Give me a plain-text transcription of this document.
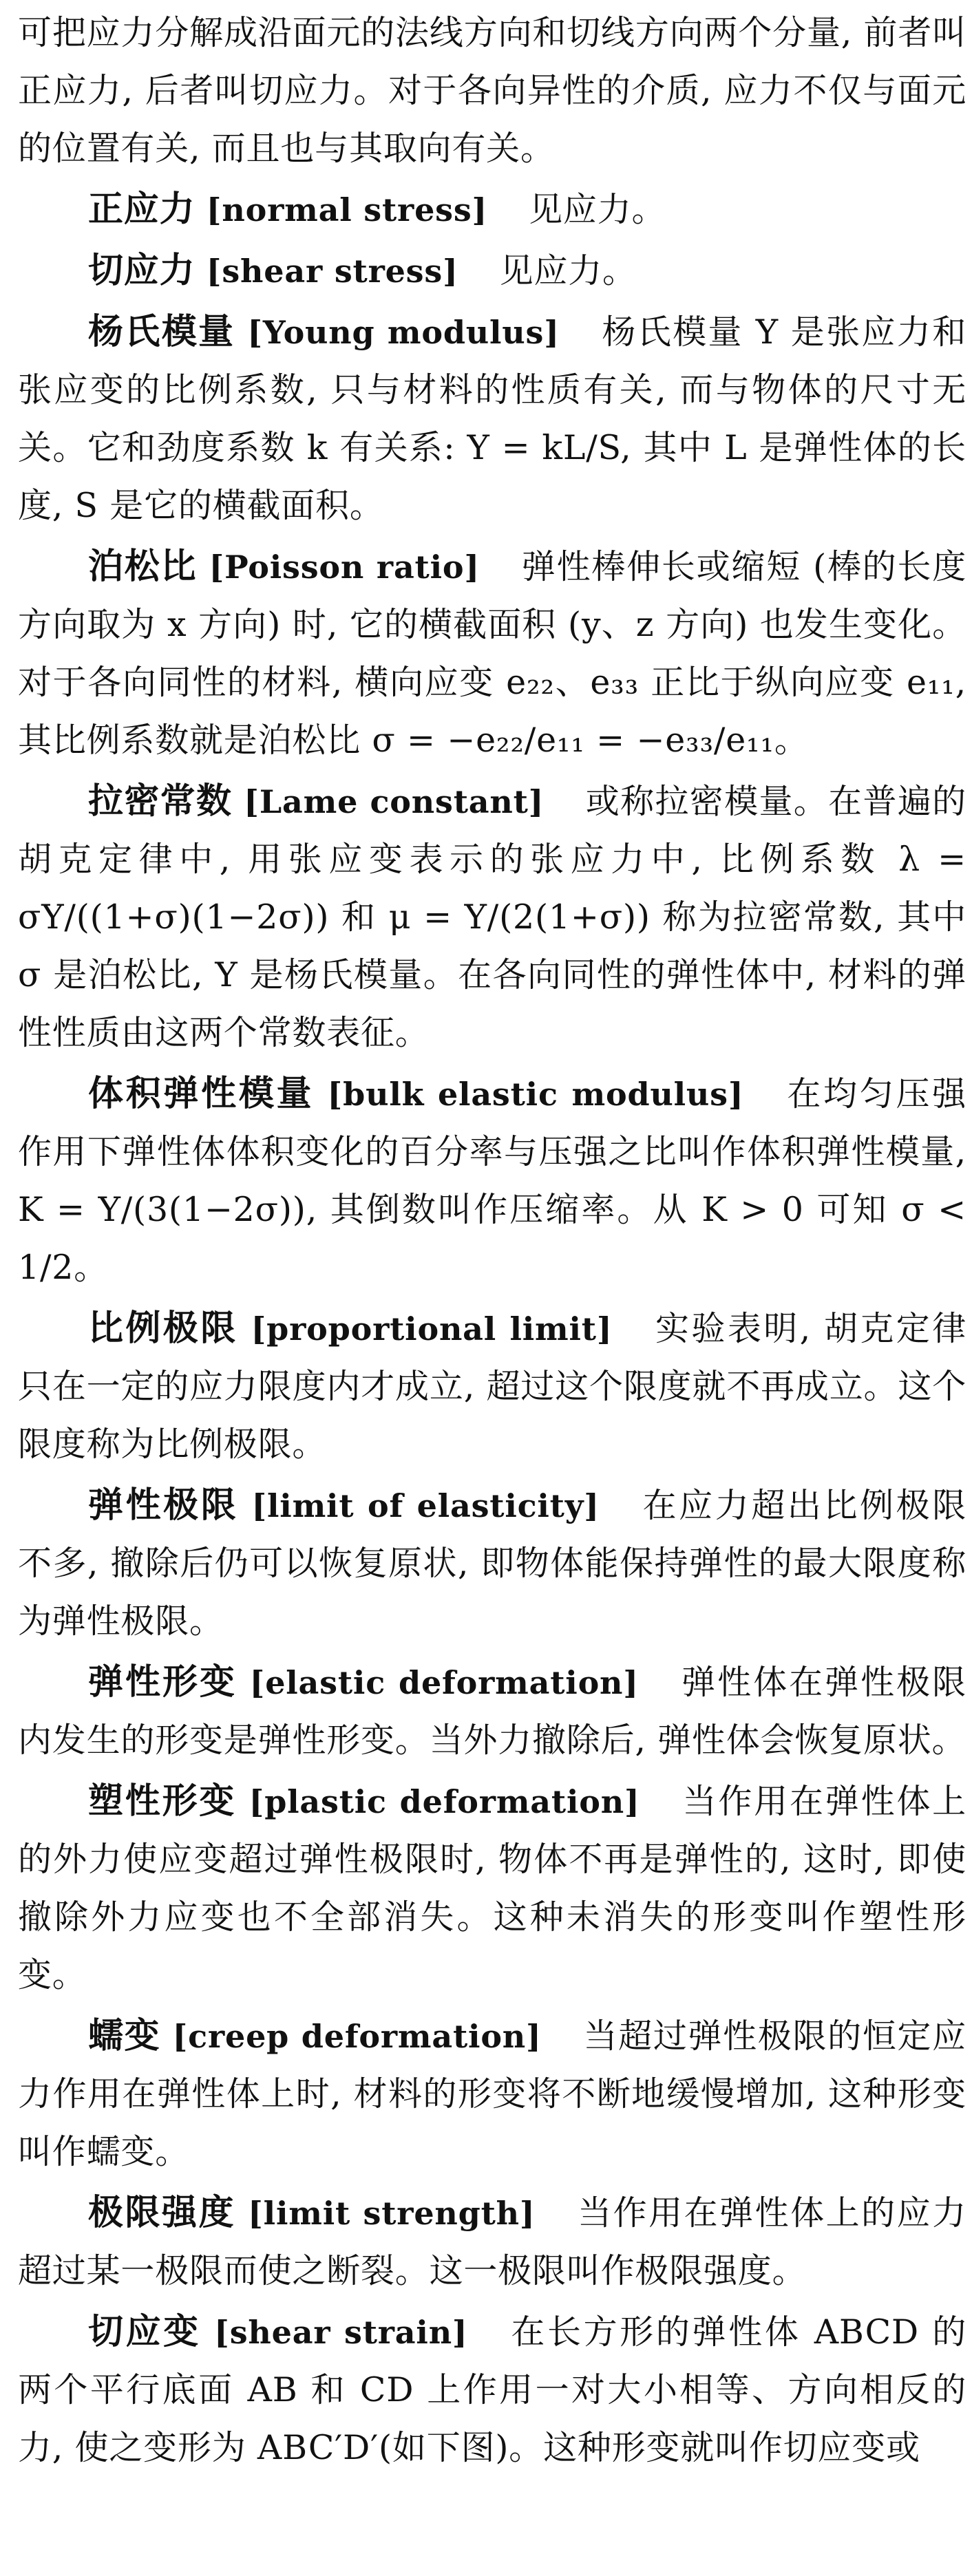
可把应力分解成沿面元的法线方向和切线方向两个分量, 前者叫正应力, 后者叫切应力。对于各向异性的介质, 应力不仅与面元的位置有关, 而且也与其取向有关。

正应力 [normal stress] 见应力。

切应力 [shear stress] 见应力。

杨氏模量 [Young modulus] 杨氏模量 Y 是张应力和张应变的比例系数, 只与材料的性质有关, 而与物体的尺寸无关。它和劲度系数 k 有关系: Y = kL/S, 其中 L 是弹性体的长度, S 是它的横截面积。

泊松比 [Poisson ratio] 弹性棒伸长或缩短 (棒的长度方向取为 x 方向) 时, 它的横截面积 (y、z 方向) 也发生变化。对于各向同性的材料, 横向应变 e₂₂、e₃₃ 正比于纵向应变 e₁₁, 其比例系数就是泊松比 σ = −e₂₂/e₁₁ = −e₃₃/e₁₁。

拉密常数 [Lame constant] 或称拉密模量。在普遍的胡克定律中, 用张应变表示的张应力中, 比例系数 λ = σY/((1+σ)(1−2σ)) 和 μ = Y/(2(1+σ)) 称为拉密常数, 其中 σ 是泊松比, Y 是杨氏模量。在各向同性的弹性体中, 材料的弹性性质由这两个常数表征。

体积弹性模量 [bulk elastic modulus] 在均匀压强作用下弹性体体积变化的百分率与压强之比叫作体积弹性模量, K = Y/(3(1−2σ)), 其倒数叫作压缩率。从 K > 0 可知 σ < 1/2。

比例极限 [proportional limit] 实验表明, 胡克定律只在一定的应力限度内才成立, 超过这个限度就不再成立。这个限度称为比例极限。

弹性极限 [limit of elasticity] 在应力超出比例极限不多, 撤除后仍可以恢复原状, 即物体能保持弹性的最大限度称为弹性极限。

弹性形变 [elastic deformation] 弹性体在弹性极限内发生的形变是弹性形变。当外力撤除后, 弹性体会恢复原状。

塑性形变 [plastic deformation] 当作用在弹性体上的外力使应变超过弹性极限时, 物体不再是弹性的, 这时, 即使撤除外力应变也不全部消失。这种未消失的形变叫作塑性形变。

蠕变 [creep deformation] 当超过弹性极限的恒定应力作用在弹性体上时, 材料的形变将不断地缓慢增加, 这种形变叫作蠕变。

极限强度 [limit strength] 当作用在弹性体上的应力超过某一极限而使之断裂。这一极限叫作极限强度。

切应变 [shear strain] 在长方形的弹性体 ABCD 的两个平行底面 AB 和 CD 上作用一对大小相等、方向相反的力, 使之变形为 ABC′D′(如下图)。这种形变就叫作切应变或
